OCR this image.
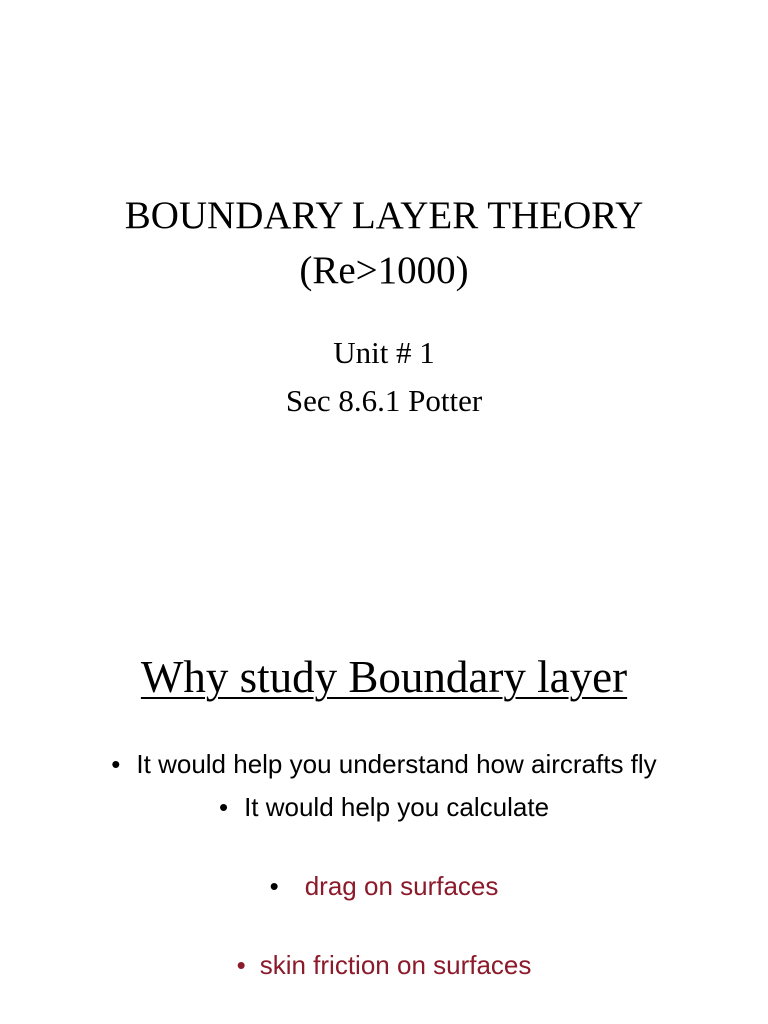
BOUNDARY LAYER THEORY
(Re>1000)
Unit # 1
Sec 8.6.1 Potter
Why study Boundary layer
• It would help you understand how aircrafts fly
• It would help you calculate
• drag on surfaces
• skin friction on surfaces
